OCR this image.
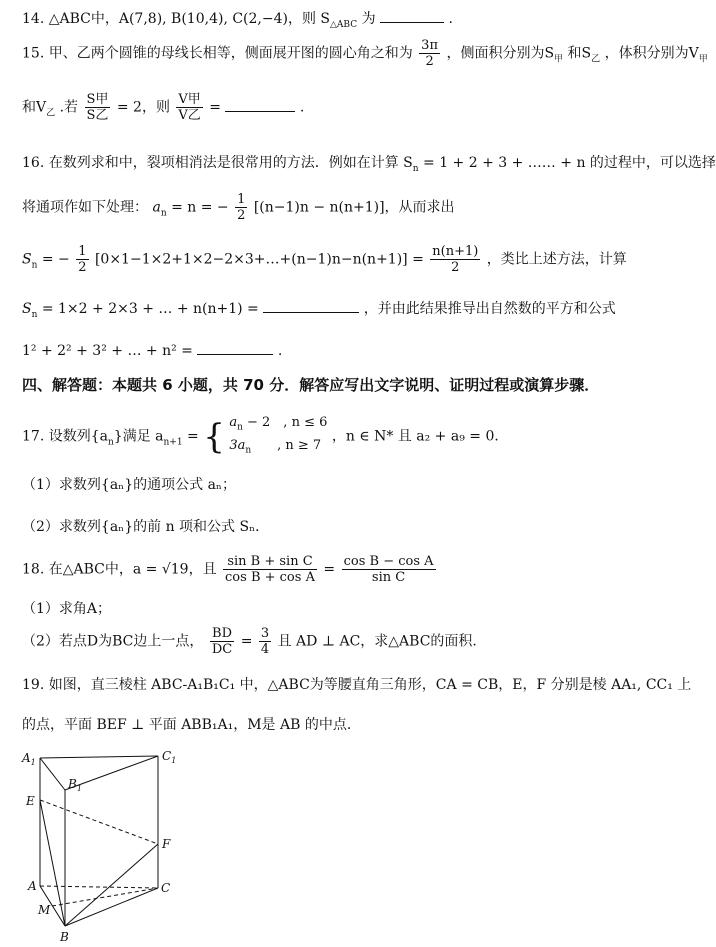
14. △ABC中，A(7,8), B(10,4), C(2,−4)，则 $S_{\triangle ABC}$ 为	.
15. 甲、乙两个圆锥的母线长相等，侧面展开图的圆心角之和为 $\frac{3\pi}{2}$ ，侧面积分别为$S_甲$ 和$S_乙$ ，体积分别为$V_甲$
和$V_乙$ .若 $\frac{\text{S甲}}{\text{S乙}} = 2$，则 $\frac{\text{V甲}}{\text{V乙}}$ =	.
16. 在数列求和中，裂项相消法是很常用的方法．例如在计算 $S_n = 1 + 2 + 3$ + …… + n 的过程中，可以选择
将通项作如下处理： $a_n = n$ = − $\frac{1}{2} [(n-1)n - n(n+1)]$，从而求出
$S_n$ = − $\frac{1}{2}$ [0×1−1×2+1×2−2×3+…+(n−1)n−n(n+1)] = $\frac{n(n+1)}{2}$ ，类比上述方法，计算
$S_n = 1\times 2 + 2\times 3$ + … + n(n+1) =	，并由此结果推导出自然数的平方和公式
1² + 2² + 3² + … + n² =	.
四、解答题：本题共 6 小题，共 70 分．解答应写出文字说明、证明过程或演算步骤．
17. 设数列$\{a_n\}$满足 $a_{n+1}$ = { $a_n - 2$　, n ≤ 6
$3a_n$　　, n ≥ 7
，n ∈ N* 且 a₂ + a₉ = 0．
（1）求数列{aₙ}的通项公式 aₙ；
（2）求数列{aₙ}的前 n 项和公式 Sₙ．
18. 在△ABC中，a = √19，且 $\frac{\text{sin B + sin C}}{\text{cos B + cos A}} = \frac{\text{cos B − cos A}}{\text{sin C}}$
（1）求角A；
（2）若点D为BC边上一点， $\frac{BD}{DC} = \frac{3}{4}$ 且 AD ⊥ AC，求△ABC的面积.
19. 如图，直三棱柱 ABC-A₁B₁C₁ 中，△ABC为等腰直角三角形，CA = CB，E，F 分别是棱 AA₁, CC₁ 上
的点，平面 BEF ⊥ 平面 ABB₁A₁，M是 AB 的中点．
$A_1$	$C_1$
$B_1$
E
F
A	C
M
B
